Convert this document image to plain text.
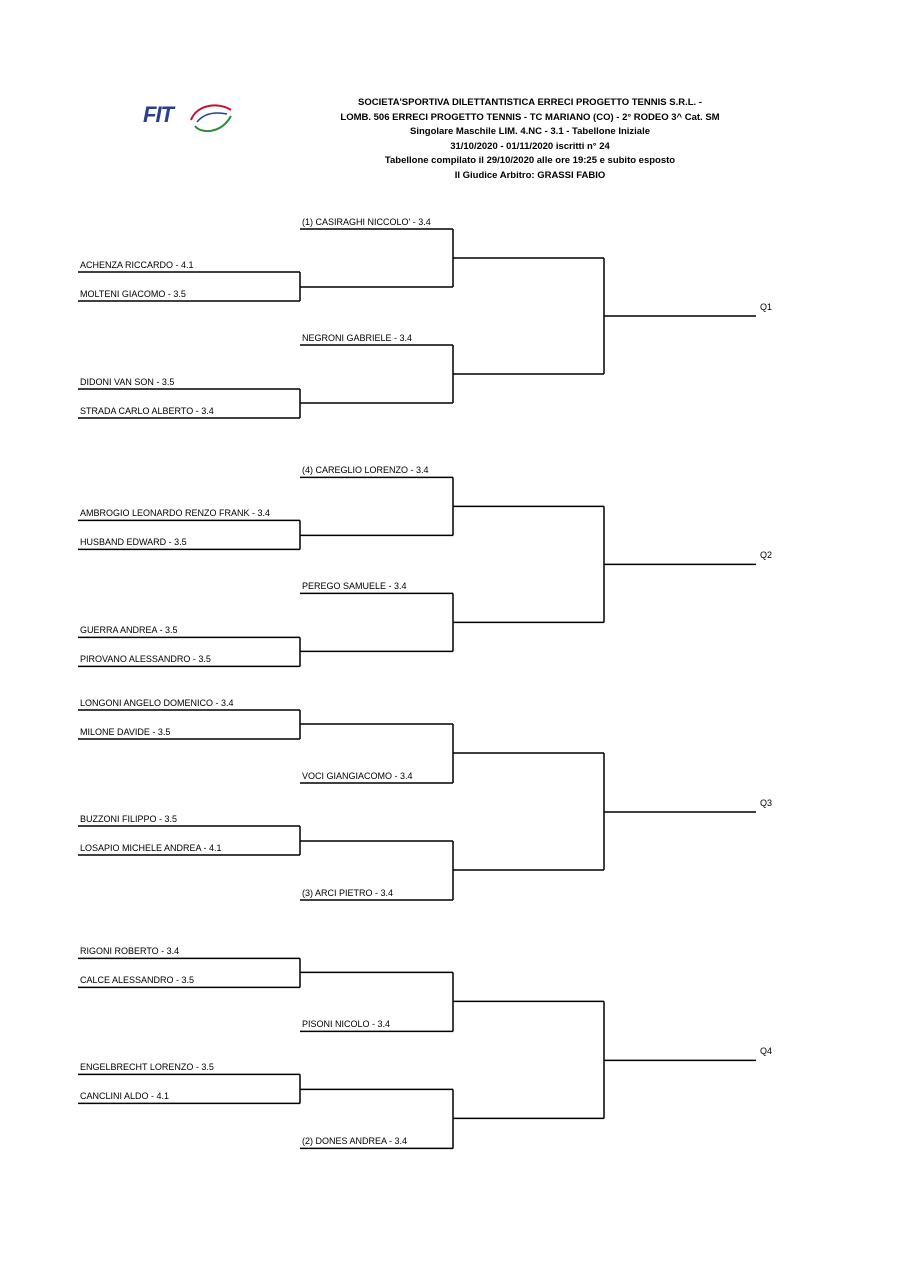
FIT	SOCIETA'SPORTIVA DILETTANTISTICA ERRECI PROGETTO TENNIS S.R.L. -
LOMB. 506 ERRECI PROGETTO TENNIS - TC MARIANO (CO) - 2° RODEO 3^ Cat. SM
Singolare Maschile LIM. 4.NC - 3.1 - Tabellone Iniziale
31/10/2020 - 01/11/2020 iscritti n° 24
Tabellone compilato il 29/10/2020 alle ore 19:25 e subito esposto
Il Giudice Arbitro: GRASSI FABIO
(1) CASIRAGHI NICCOLO' - 3.4
ACHENZA RICCARDO - 4.1
MOLTENI GIACOMO - 3.5
NEGRONI GABRIELE - 3.4
DIDONI VAN SON - 3.5
STRADA CARLO ALBERTO - 3.4
Q1
(4) CAREGLIO LORENZO - 3.4
AMBROGIO LEONARDO RENZO FRANK - 3.4
HUSBAND EDWARD - 3.5
PEREGO SAMUELE - 3.4
GUERRA ANDREA - 3.5
PIROVANO ALESSANDRO - 3.5
Q2
LONGONI ANGELO DOMENICO - 3.4
MILONE DAVIDE - 3.5
VOCI GIANGIACOMO - 3.4
BUZZONI FILIPPO - 3.5
LOSAPIO MICHELE ANDREA - 4.1
(3) ARCI PIETRO - 3.4
Q3
RIGONI ROBERTO - 3.4
CALCE ALESSANDRO - 3.5
PISONI NICOLO - 3.4
ENGELBRECHT LORENZO - 3.5
CANCLINI ALDO - 4.1
(2) DONES ANDREA - 3.4
Q4
